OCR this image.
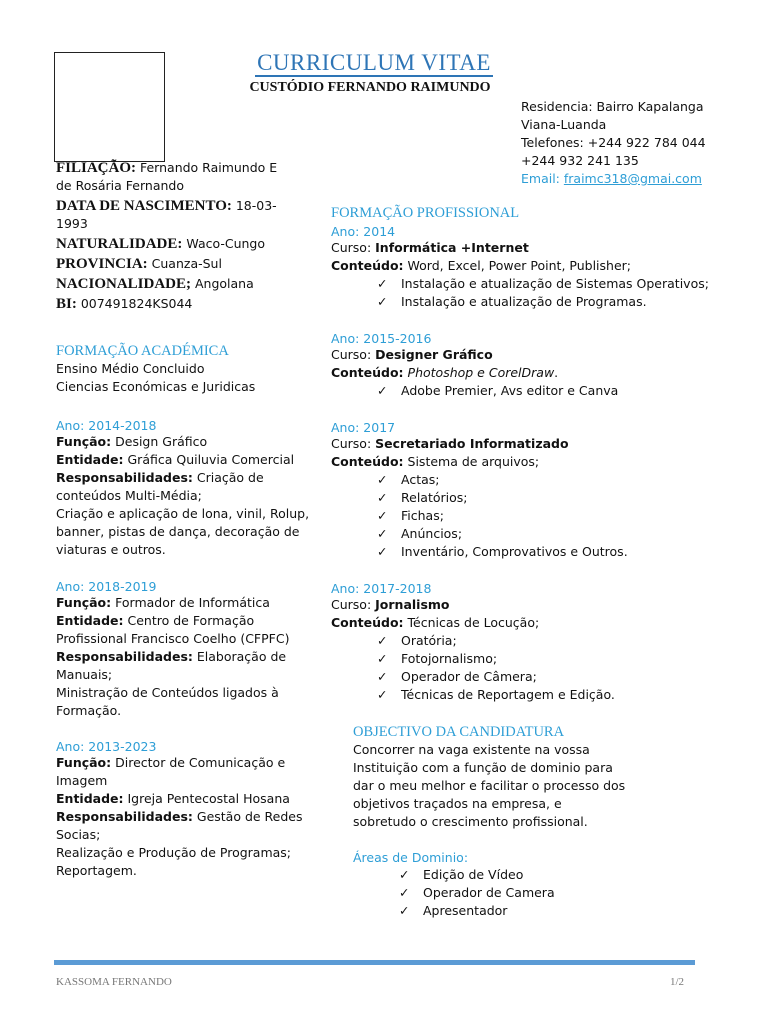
CURRICULUM VITAE
CUSTÓDIO FERNANDO RAIMUNDO
Residencia: Bairro Kapalanga
Viana-Luanda
Telefones: +244 922 784 044
+244 932 241 135
Email: fraimc318@gmai.com
FILIAÇÃO: Fernando Raimundo E
de Rosária Fernando
DATA DE NASCIMENTO: 18-03-
1993
NATURALIDADE: Waco-Cungo
PROVINCIA: Cuanza-Sul
NACIONALIDADE; Angolana
BI: 007491824KS044
FORMAÇÃO ACADÉMICA
Ensino Médio Concluido
Ciencias Económicas e Juridicas
Ano: 2014-2018
Função: Design Gráfico
Entidade: Gráfica Quiluvia Comercial
Responsabilidades: Criação de
conteúdos Multi-Média;
Criação e aplicação de lona, vinil, Rolup,
banner, pistas de dança, decoração de
viaturas e outros.
Ano: 2018-2019
Função: Formador de Informática
Entidade: Centro de Formação
Profissional Francisco Coelho (CFPFC)
Responsabilidades: Elaboração de
Manuais;
Ministração de Conteúdos ligados à
Formação.
Ano: 2013-2023
Função: Director de Comunicação e
Imagem
Entidade: Igreja Pentecostal Hosana
Responsabilidades: Gestão de Redes
Socias;
Realização e Produção de Programas;
Reportagem.
FORMAÇÃO PROFISSIONAL
Ano: 2014
Curso: Informática +Internet
Conteúdo: Word, Excel, Power Point, Publisher;
✓ Instalação e atualização de Sistemas Operativos;
✓ Instalação e atualização de Programas.
Ano: 2015-2016
Curso: Designer Gráfico
Conteúdo: Photoshop e CorelDraw.
✓ Adobe Premier, Avs editor e Canva
Ano: 2017
Curso: Secretariado Informatizado
Conteúdo: Sistema de arquivos;
✓ Actas;
✓ Relatórios;
✓ Fichas;
✓ Anúncios;
✓ Inventário, Comprovativos e Outros.
Ano: 2017-2018
Curso: Jornalismo
Conteúdo: Técnicas de Locução;
✓ Oratória;
✓ Fotojornalismo;
✓ Operador de Câmera;
✓ Técnicas de Reportagem e Edição.
OBJECTIVO DA CANDIDATURA
Concorrer na vaga existente na vossa
Instituição com a função de dominio para
dar o meu melhor e facilitar o processo dos
objetivos traçados na empresa, e
sobretudo o crescimento profissional.
Áreas de Dominio:
✓ Edição de Vídeo
✓ Operador de Camera
✓ Apresentador
KASSOMA FERNANDO	1/2
